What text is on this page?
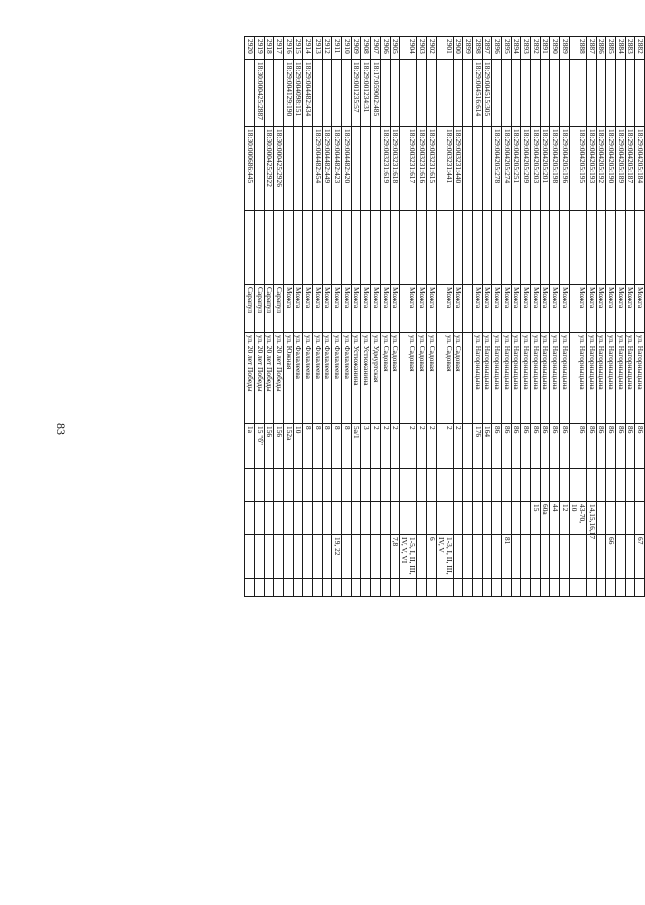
83
2882		18:29:004205:184		Можга	ул. Нагорныцына	86			67	
2883		18:29:004205:187		Можга	ул. Нагорныцына	86				
2884		18:29:004205:189		Можга	ул. Нагорныцына	86				
2885		18:29:004205:190		Можга	ул. Нагорныцына	86			66	
2886		18:29:004205:192		Можга	ул. Нагорныцына	86				
2887		18:29:004205:193		Можга	ул. Нагорныцына	86		14,15,16,17		
2888		18:29:004205:195		Можга	ул. Нагорныцына	86		43-70, 10		
2889		18:29:004205:196		Можга	ул. Нагорныцына	86		12		
2890		18:29:004205:198		Можга	ул. Нагорныцына	86		44		
2891		18:29:004205:201		Можга	ул. Нагорныцына	86		60а		
2892		18:29:004205:203		Можга	ул. Нагорныцына	86		15		
2893		18:29:004205:209		Можга	ул. Нагорныцына	86				
2894		18:29:004205:251		Можга	ул. Нагорныцына	86				
2895		18:29:004205:274		Можга	ул. Нагорныцына	86			81	
2896		18:29:004205:278		Можга	ул. Нагорныцына	86				
2897	18:29:004515:305			Можга	ул. Нагорныцына	164				
2898	18:29:004516:614			Можга	ул. Нагорныцына	176				
2899										
2900		18:29:003231:440		Можга	ул. Садовая	2				
2901		18:29:003231:441		Можга	ул. Садовая	2			1-3, I, II, III, IV, V	
2902		18:29:003231:615		Можга	ул. Садовая	2			6	
2903		18:29:003231:616		Можга	ул. Садовая	2				
2904		18:29:003231:617		Можга	ул. Садовая	2			1-5, I, II, III, IV, V, VI	
2905		18:29:003231:618		Можга	ул. Садовая	2			7,8	
2906		18:29:003231:619		Можга	ул. Садовая	2				
2907	18:17:059002:485			Можга	ул. Удмуртская	2				
2908	18:29:001234:31			Можга	ул. Устюжанина	3				
2909	18:29:001235:57			Можга	ул. Устюжанина	5а/1				
2910		18:29:004482:420		Можга	ул. Фалалеева	8				
2911		18:29:004482:423		Можга	ул. Фалалеева	8			19, 22	
2912		18:29:004482:449		Можга	ул. Фалалеева	8				
2913		18:29:004482:454		Можга	ул. Фалалеева	8				
2914	18:29:004482:434			Можга	ул. Фалалеева	8				
2915	18:29:004098:151			Можга	ул. Фалалеева	10				
2916	18:29:004129:190			Можга	ул. Южная	152а				
2917		18:30:000425:2926		Сарапул	ул. 20 лет Победы	156				
2918		18:30:000425:2922		Сарапул	ул. 20 лет Победы	156				
2919	18:30:000425:2887			Сарапул	ул. 20 лет Победы	15 "б"				
2920		18:30:000686:445		Сарапул	ул. 20 лет Победы	1а				
